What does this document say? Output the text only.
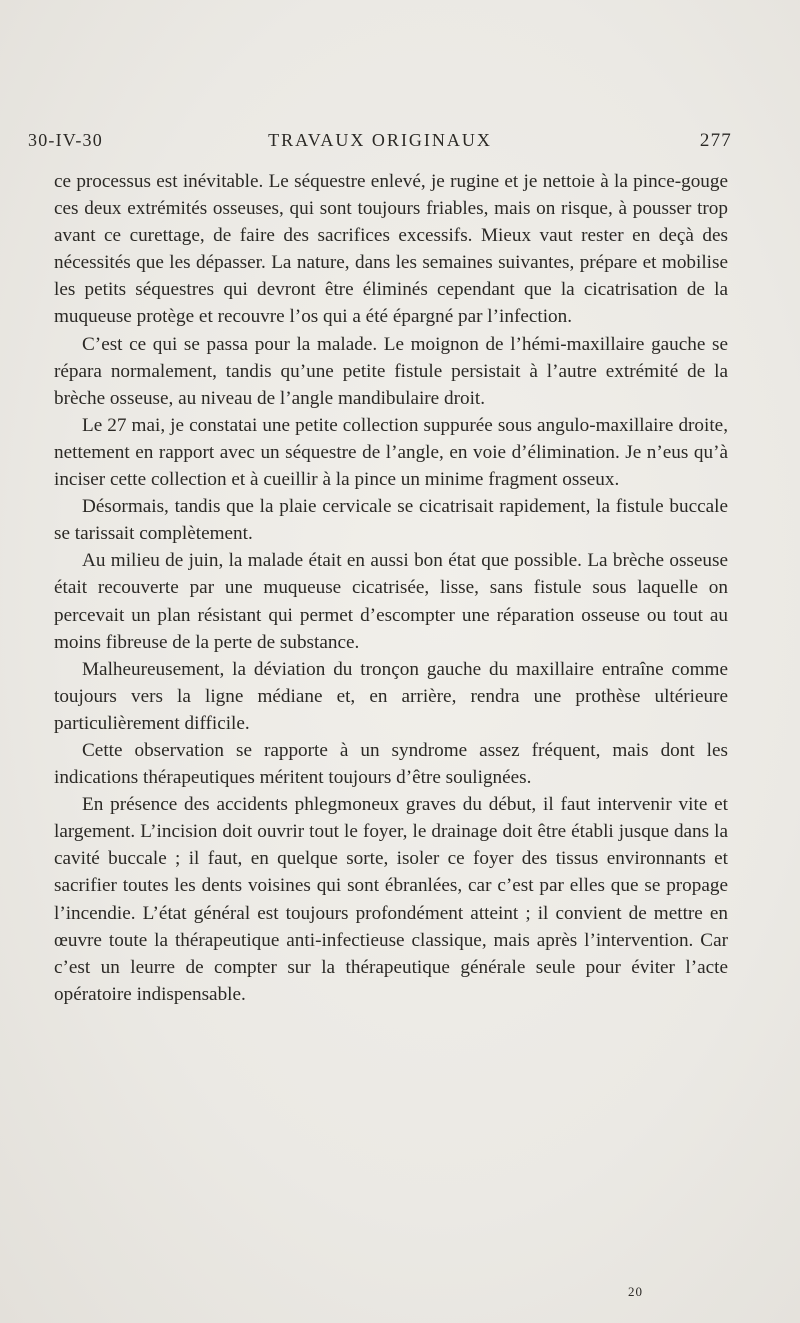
30-IV-30	TRAVAUX ORIGINAUX	277

ce processus est inévitable. Le séquestre enlevé, je rugine et je nettoie à la pince-gouge ces deux extrémités osseuses, qui sont toujours friables, mais on risque, à pousser trop avant ce curettage, de faire des sacrifices excessifs. Mieux vaut rester en deçà des nécessités que les dépasser. La nature, dans les semaines suivantes, prépare et mobilise les petits séquestres qui devront être éliminés cependant que la cicatrisation de la muqueuse protège et recouvre l’os qui a été épargné par l’infection.

C’est ce qui se passa pour la malade. Le moignon de l’hémi-maxillaire gauche se répara normalement, tandis qu’une petite fistule persistait à l’autre extrémité de la brèche osseuse, au niveau de l’angle mandibulaire droit.

Le 27 mai, je constatai une petite collection suppurée sous angulo-maxillaire droite, nettement en rapport avec un séquestre de l’angle, en voie d’élimination. Je n’eus qu’à inciser cette collection et à cueillir à la pince un minime fragment osseux.

Désormais, tandis que la plaie cervicale se cicatrisait rapidement, la fistule buccale se tarissait complètement.

Au milieu de juin, la malade était en aussi bon état que possible. La brèche osseuse était recouverte par une muqueuse cicatrisée, lisse, sans fistule sous laquelle on percevait un plan résistant qui permet d’escompter une réparation osseuse ou tout au moins fibreuse de la perte de substance.

Malheureusement, la déviation du tronçon gauche du maxillaire entraîne comme toujours vers la ligne médiane et, en arrière, rendra une prothèse ultérieure particulièrement difficile.

Cette observation se rapporte à un syndrome assez fréquent, mais dont les indications thérapeutiques méritent toujours d’être soulignées.

En présence des accidents phlegmoneux graves du début, il faut intervenir vite et largement. L’incision doit ouvrir tout le foyer, le drainage doit être établi jusque dans la cavité buccale ; il faut, en quelque sorte, isoler ce foyer des tissus environnants et sacrifier toutes les dents voisines qui sont ébranlées, car c’est par elles que se propage l’incendie. L’état général est toujours profondément atteint ; il convient de mettre en œuvre toute la thérapeutique anti-infectieuse classique, mais après l’intervention. Car c’est un leurre de compter sur la thérapeutique générale seule pour éviter l’acte opératoire indispensable.

20
